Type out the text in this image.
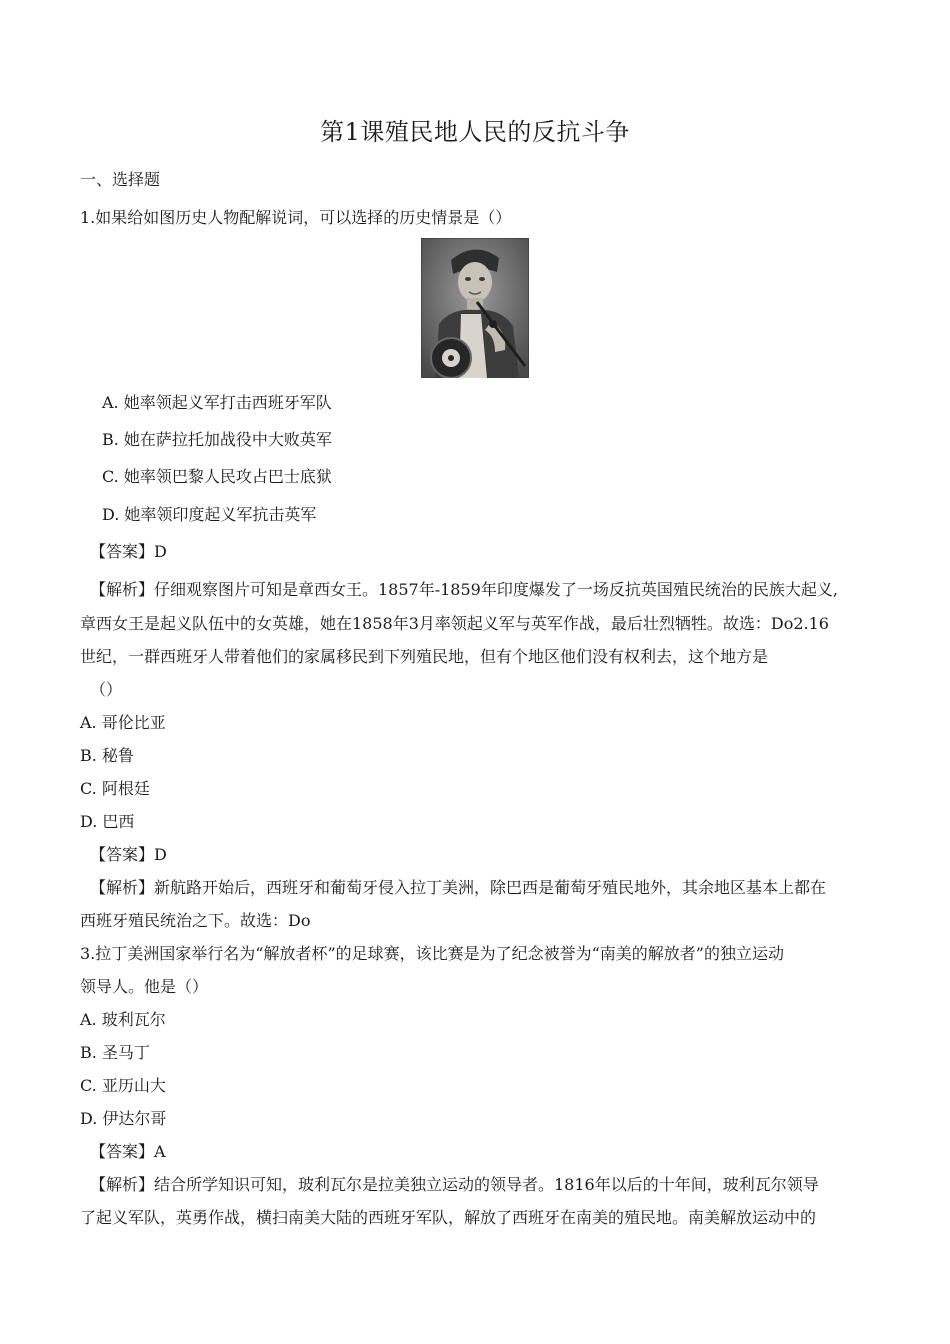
第1课殖民地人民的反抗斗争
一、选择题
1.如果给如图历史人物配解说词，可以选择的历史情景是（）
A. 她率领起义军打击西班牙军队
B. 她在萨拉托加战役中大败英军
C. 她率领巴黎人民攻占巴士底狱
D. 她率领印度起义军抗击英军
【答案】D
【解析】仔细观察图片可知是章西女王。1857年-1859年印度爆发了一场反抗英国殖民统治的民族大起义,
章西女王是起义队伍中的女英雄，她在1858年3月率领起义军与英军作战，最后壮烈牺牲。故选：Do2.16
世纪，一群西班牙人带着他们的家属移民到下列殖民地，但有个地区他们没有权利去，这个地方是
（）
A. 哥伦比亚
B. 秘鲁
C. 阿根廷
D. 巴西
【答案】D
【解析】新航路开始后，西班牙和葡萄牙侵入拉丁美洲，除巴西是葡萄牙殖民地外，其余地区基本上都在
西班牙殖民统治之下。故选：Do
3.拉丁美洲国家举行名为“解放者杯”的足球赛，该比赛是为了纪念被誉为“南美的解放者”的独立运动
领导人。他是（）
A. 玻利瓦尔
B. 圣马丁
C. 亚历山大
D. 伊达尔哥
【答案】A
【解析】结合所学知识可知，玻利瓦尔是拉美独立运动的领导者。1816年以后的十年间，玻利瓦尔领导
了起义军队，英勇作战，横扫南美大陆的西班牙军队，解放了西班牙在南美的殖民地。南美解放运动中的
